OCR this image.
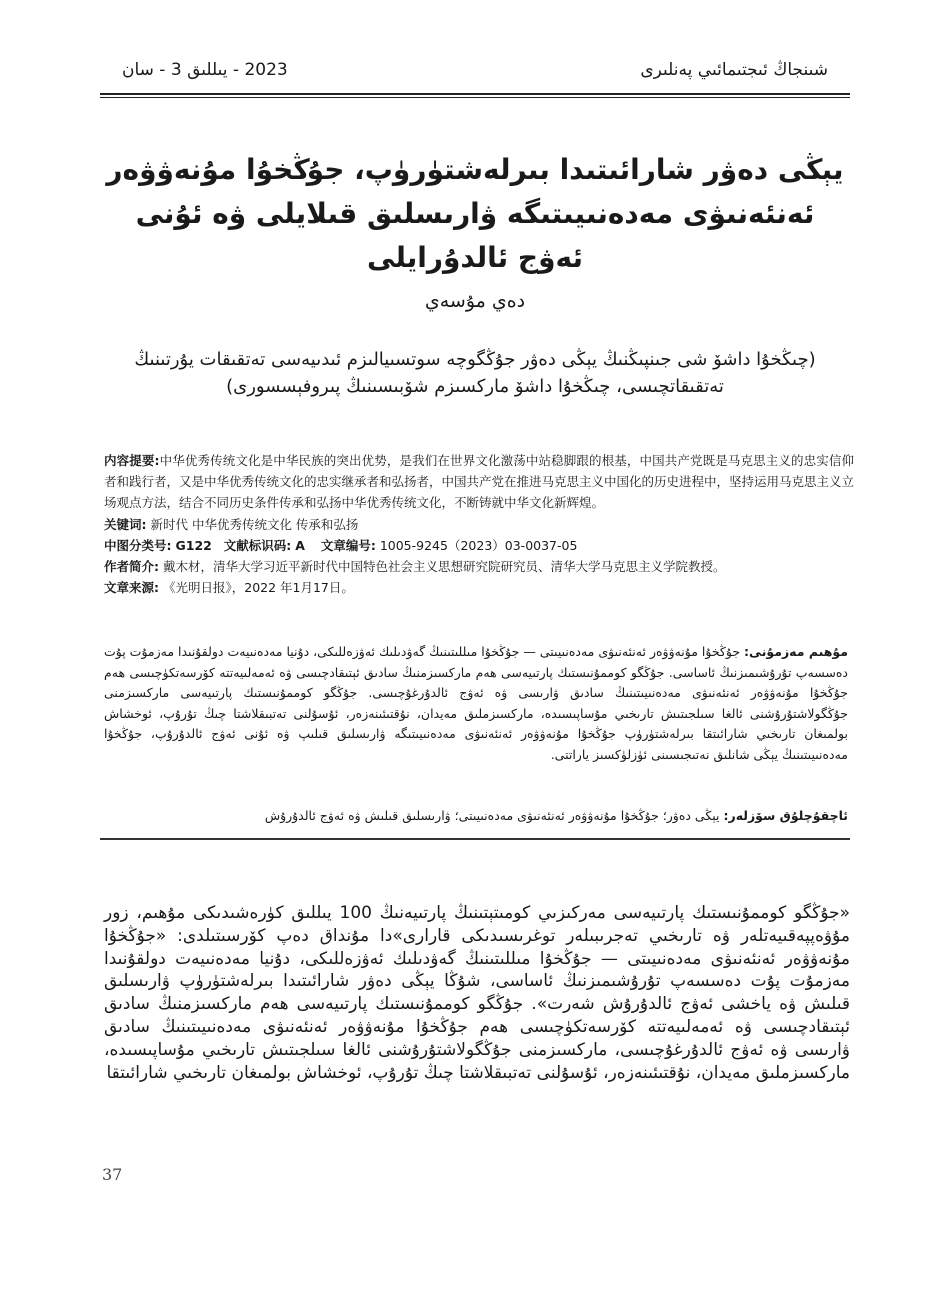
2023 - يىللىق 3 - سان	شىنجاڭ ئىجتىمائىي پەنلىرى
يېڭى دەۋر شارائىتىدا بىرلەشتۈرۈپ، جۇڭخۇا مۇنەۋۋەر ئەنئەنىۋى مەدەنىيىتىگە ۋارىسلىق قىلايلى ۋە ئۇنى ئەۋج ئالدۇرايلى
دەي مۇسەي
(چىڭخۇا داشۆ شى جىنپىڭنىڭ يېڭى دەۋر جۇڭگوچە سوتسىيالىزم ئىدىيەسى تەتقىقات يۇرتىنىڭ تەتقىقاتچىسى، چىڭخۇا داشۆ ماركسىزم شۆبىسىنىڭ پىروفېسسورى)
内容提要:中华优秀传统文化是中华民族的突出优势，是我们在世界文化激荡中站稳脚跟的根基，中国共产党既是马克思主义的忠实信仰者和践行者，又是中华优秀传统文化的忠实继承者和弘扬者，中国共产党在推进马克思主义中国化的历史进程中，坚持运用马克思主义立场观点方法，结合不同历史条件传承和弘扬中华优秀传统文化，不断铸就中华文化新辉煌。
关键词: 新时代 中华优秀传统文化 传承和弘扬
中图分类号: G122 文献标识码: A 文章编号: 1005-9245（2023）03-0037-05
作者简介: 戴木材，清华大学习近平新时代中国特色社会主义思想研究院研究员、清华大学马克思主义学院教授。
文章来源: 《光明日报》，2022 年1月17日。
مۇھىم مەزمۇنى: جۇڭخۇا مۇنەۋۋەر ئەنئەنىۋى مەدەنىيىتى — جۇڭخۇا مىللىتىنىڭ گەۋدىلىك ئەۋزەللىكى، دۇنيا مەدەنىيەت دولقۇنىدا مەزمۇت پۇت دەسسەپ تۇرۇشىمىزنىڭ ئاساسى. جۇڭگو كوممۇنىستىك پارتىيەسى ھەم ماركسىزمنىڭ سادىق ئېتىقادچىسى ۋە ئەمەلىيەتتە كۆرسەتكۈچىسى ھەم جۇڭخۇا مۇنەۋۋەر ئەنئەنىۋى مەدەنىيىتىنىڭ سادىق ۋارىسى ۋە ئەۋج ئالدۇرغۇچىسى. جۇڭگو كوممۇنىستىك پارتىيەسى ماركسىزمنى جۇڭگولاشتۇرۇشنى ئالغا سىلجىتىش تارىخىي مۇساپىسىدە، ماركسىزملىق مەيدان، نۇقتىئىنەزەر، ئۇسۇلنى تەتبىقلاشتا چىڭ تۇرۇپ، ئوخشاش بولمىغان تارىخىي شارائىتقا بىرلەشتۈرۈپ جۇڭخۇا مۇنەۋۋەر ئەنئەنىۋى مەدەنىيىتىگە ۋارىسلىق قىلىپ ۋە ئۇنى ئەۋج ئالدۇرۇپ، جۇڭخۇا مەدەنىيىتىنىڭ يېڭى شانلىق نەتىجىسىنى ئۈزلۈكسىز ياراتتى.
ئاچقۇچلۇق سۆزلەر: يېڭى دەۋر؛ جۇڭخۇا مۇنەۋۋەر ئەنئەنىۋى مەدەنىيىتى؛ ۋارىسلىق قىلىش ۋە ئەۋج ئالدۇرۇش
«جۇڭگو كوممۇنىستىك پارتىيەسى مەركىزىي كومىتېتىنىڭ پارتىيەنىڭ 100 يىللىق كۈرەشىدىكى مۇھىم، زور مۇۋەپپەقىيەتلەر ۋە تارىخىي تەجرىبىلەر توغرىسىدىكى قارارى»دا مۇنداق دەپ كۆرسىتىلدى: «جۇڭخۇا مۇنەۋۋەر ئەنئەنىۋى مەدەنىيىتى — جۇڭخۇا مىللىتىنىڭ گەۋدىلىك ئەۋزەللىكى، دۇنيا مەدەنىيەت دولقۇنىدا مەزمۇت پۇت دەسسەپ تۇرۇشىمىزنىڭ ئاساسى، شۇڭا يېڭى دەۋر شارائىتىدا بىرلەشتۈرۈپ ۋارىسلىق قىلىش ۋە ياخشى ئەۋج ئالدۇرۇش شەرت». جۇڭگو كوممۇنىستىك پارتىيەسى ھەم ماركسىزمنىڭ سادىق ئېتىقادچىسى ۋە ئەمەلىيەتتە كۆرسەتكۈچىسى ھەم جۇڭخۇا مۇنەۋۋەر ئەنئەنىۋى مەدەنىيىتىنىڭ سادىق ۋارىسى ۋە ئەۋج ئالدۇرغۇچىسى، ماركسىزمنى جۇڭگولاشتۇرۇشنى ئالغا سىلجىتىش تارىخىي مۇساپىسىدە، ماركسىزملىق مەيدان، نۇقتىئىنەزەر، ئۇسۇلنى تەتبىقلاشتا چىڭ تۇرۇپ، ئوخشاش بولمىغان تارىخىي شارائىتقا
37
